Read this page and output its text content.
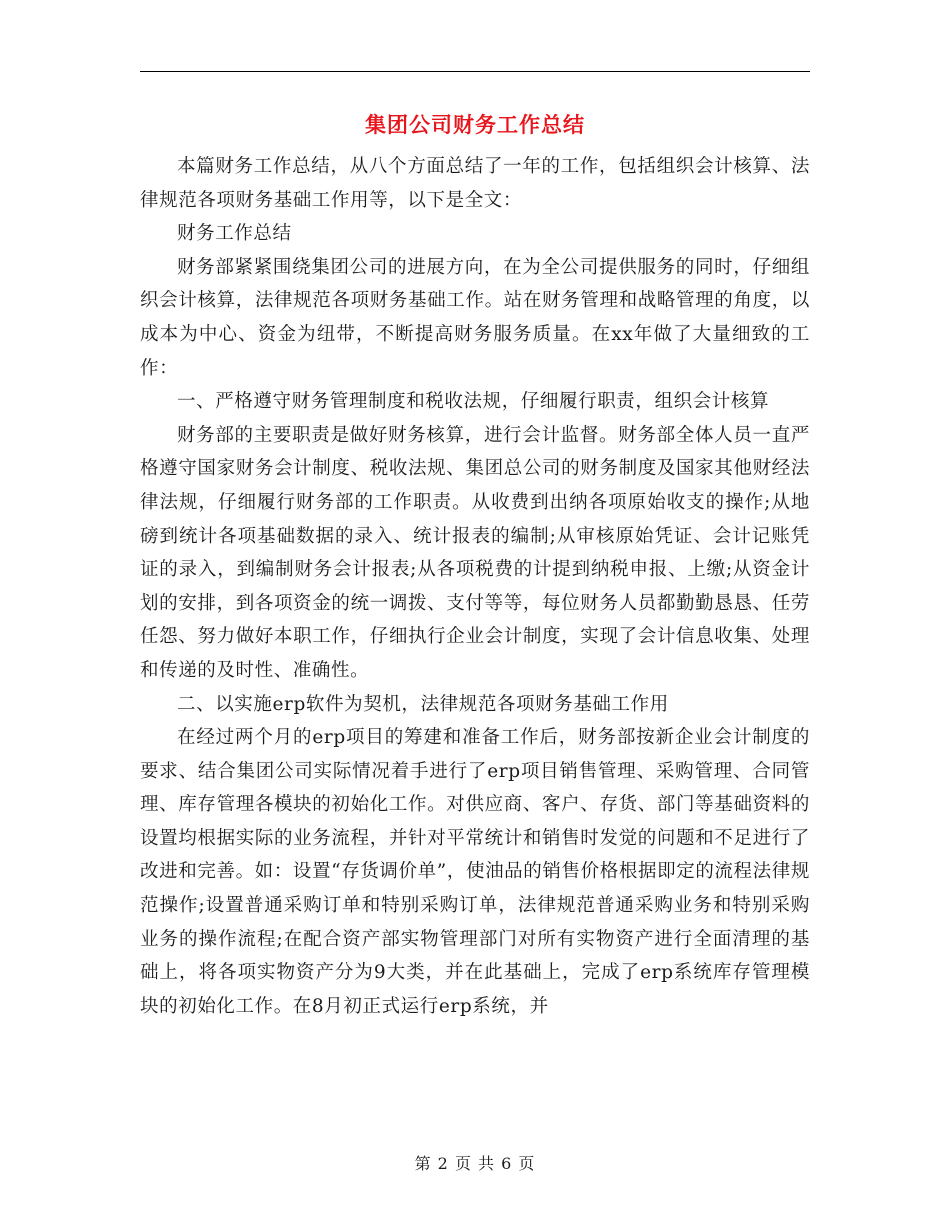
集团公司财务工作总结

本篇财务工作总结，从八个方面总结了一年的工作，包括组织会计核算、法律规范各项财务基础工作用等，以下是全文：

财务工作总结

财务部紧紧围绕集团公司的进展方向，在为全公司提供服务的同时，仔细组织会计核算，法律规范各项财务基础工作。站在财务管理和战略管理的角度，以成本为中心、资金为纽带，不断提高财务服务质量。在xx年做了大量细致的工作：

一、严格遵守财务管理制度和税收法规，仔细履行职责，组织会计核算

财务部的主要职责是做好财务核算，进行会计监督。财务部全体人员一直严格遵守国家财务会计制度、税收法规、集团总公司的财务制度及国家其他财经法律法规，仔细履行财务部的工作职责。从收费到出纳各项原始收支的操作;从地磅到统计各项基础数据的录入、统计报表的编制;从审核原始凭证、会计记账凭证的录入，到编制财务会计报表;从各项税费的计提到纳税申报、上缴;从资金计划的安排，到各项资金的统一调拨、支付等等，每位财务人员都勤勤恳恳、任劳任怨、努力做好本职工作，仔细执行企业会计制度，实现了会计信息收集、处理和传递的及时性、准确性。

二、以实施erp软件为契机，法律规范各项财务基础工作用

在经过两个月的erp项目的筹建和准备工作后，财务部按新企业会计制度的要求、结合集团公司实际情况着手进行了erp项目销售管理、采购管理、合同管理、库存管理各模块的初始化工作。对供应商、客户、存货、部门等基础资料的设置均根据实际的业务流程，并针对平常统计和销售时发觉的问题和不足进行了改进和完善。如：设置“存货调价单”，使油品的销售价格根据即定的流程法律规范操作;设置普通采购订单和特别采购订单，法律规范普通采购业务和特别采购业务的操作流程;在配合资产部实物管理部门对所有实物资产进行全面清理的基础上，将各项实物资产分为9大类，并在此基础上，完成了erp系统库存管理模块的初始化工作。在8月初正式运行erp系统，并

第 2 页 共 6 页
